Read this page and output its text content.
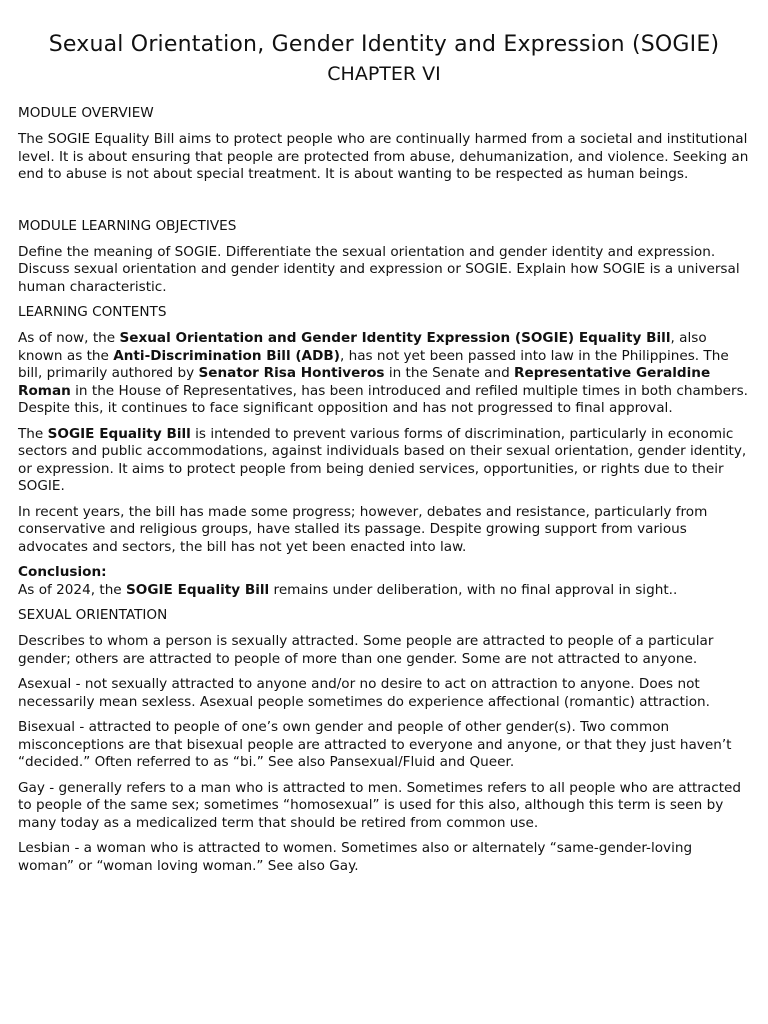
Sexual Orientation, Gender Identity and Expression (SOGIE)
CHAPTER VI
MODULE OVERVIEW

The SOGIE Equality Bill aims to protect people who are continually harmed from a societal and institutional level. It is about ensuring that people are protected from abuse, dehumanization, and violence. Seeking an end to abuse is not about special treatment. It is about wanting to be respected as human beings.

MODULE LEARNING OBJECTIVES

Define the meaning of SOGIE. Differentiate the sexual orientation and gender identity and expression. Discuss sexual orientation and gender identity and expression or SOGIE. Explain how SOGIE is a universal human characteristic.

LEARNING CONTENTS

As of now, the Sexual Orientation and Gender Identity Expression (SOGIE) Equality Bill, also known as the Anti-Discrimination Bill (ADB), has not yet been passed into law in the Philippines. The bill, primarily authored by Senator Risa Hontiveros in the Senate and Representative Geraldine Roman in the House of Representatives, has been introduced and refiled multiple times in both chambers. Despite this, it continues to face significant opposition and has not progressed to final approval.

The SOGIE Equality Bill is intended to prevent various forms of discrimination, particularly in economic sectors and public accommodations, against individuals based on their sexual orientation, gender identity, or expression. It aims to protect people from being denied services, opportunities, or rights due to their SOGIE.

In recent years, the bill has made some progress; however, debates and resistance, particularly from conservative and religious groups, have stalled its passage. Despite growing support from various advocates and sectors, the bill has not yet been enacted into law.

Conclusion:
As of 2024, the SOGIE Equality Bill remains under deliberation, with no final approval in sight..

SEXUAL ORIENTATION

Describes to whom a person is sexually attracted. Some people are attracted to people of a particular gender; others are attracted to people of more than one gender. Some are not attracted to anyone.

Asexual - not sexually attracted to anyone and/or no desire to act on attraction to anyone. Does not necessarily mean sexless. Asexual people sometimes do experience affectional (romantic) attraction.

Bisexual - attracted to people of one’s own gender and people of other gender(s). Two common misconceptions are that bisexual people are attracted to everyone and anyone, or that they just haven’t “decided.” Often referred to as “bi.” See also Pansexual/Fluid and Queer.

Gay - generally refers to a man who is attracted to men. Sometimes refers to all people who are attracted to people of the same sex; sometimes “homosexual” is used for this also, although this term is seen by many today as a medicalized term that should be retired from common use.

Lesbian - a woman who is attracted to women. Sometimes also or alternately “same-gender-loving woman” or “woman loving woman.” See also Gay.
